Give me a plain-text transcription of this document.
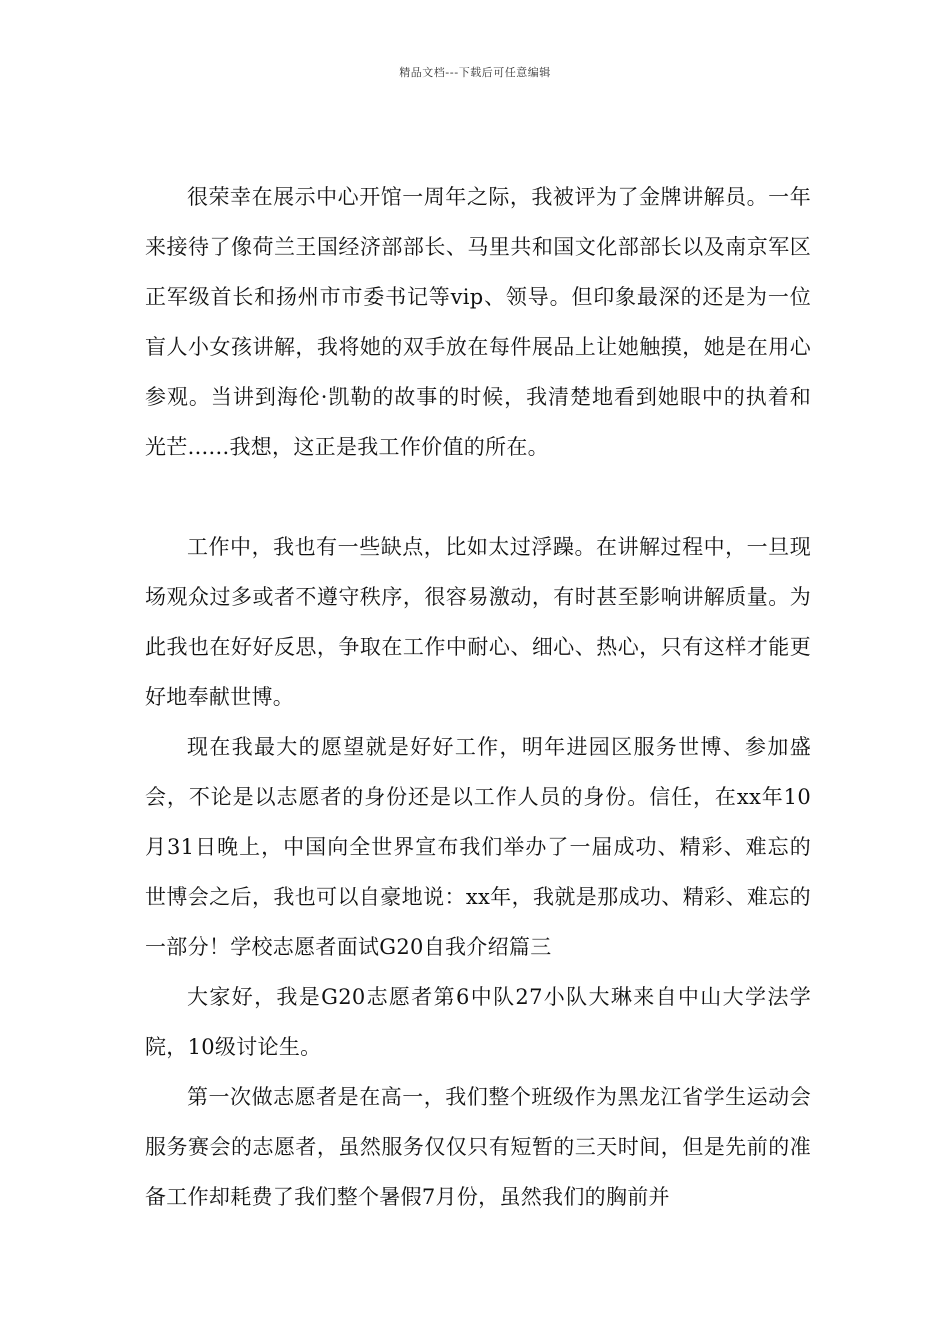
精品文档---下载后可任意编辑

很荣幸在展示中心开馆一周年之际，我被评为了金牌讲解员。一年来接待了像荷兰王国经济部部长、马里共和国文化部部长以及南京军区正军级首长和扬州市市委书记等vip、领导。但印象最深的还是为一位盲人小女孩讲解，我将她的双手放在每件展品上让她触摸，她是在用心参观。当讲到海伦·凯勒的故事的时候，我清楚地看到她眼中的执着和光芒......我想，这正是我工作价值的所在。

工作中，我也有一些缺点，比如太过浮躁。在讲解过程中，一旦现场观众过多或者不遵守秩序，很容易激动，有时甚至影响讲解质量。为此我也在好好反思，争取在工作中耐心、细心、热心，只有这样才能更好地奉献世博。

现在我最大的愿望就是好好工作，明年进园区服务世博、参加盛会，不论是以志愿者的身份还是以工作人员的身份。信任，在xx年10月31日晚上，中国向全世界宣布我们举办了一届成功、精彩、难忘的世博会之后，我也可以自豪地说：xx年，我就是那成功、精彩、难忘的一部分！学校志愿者面试G20自我介绍篇三

大家好，我是G20志愿者第6中队27小队大琳来自中山大学法学院，10级讨论生。

第一次做志愿者是在高一，我们整个班级作为黑龙江省学生运动会服务赛会的志愿者，虽然服务仅仅只有短暂的三天时间，但是先前的准备工作却耗费了我们整个暑假7月份，虽然我们的胸前并
